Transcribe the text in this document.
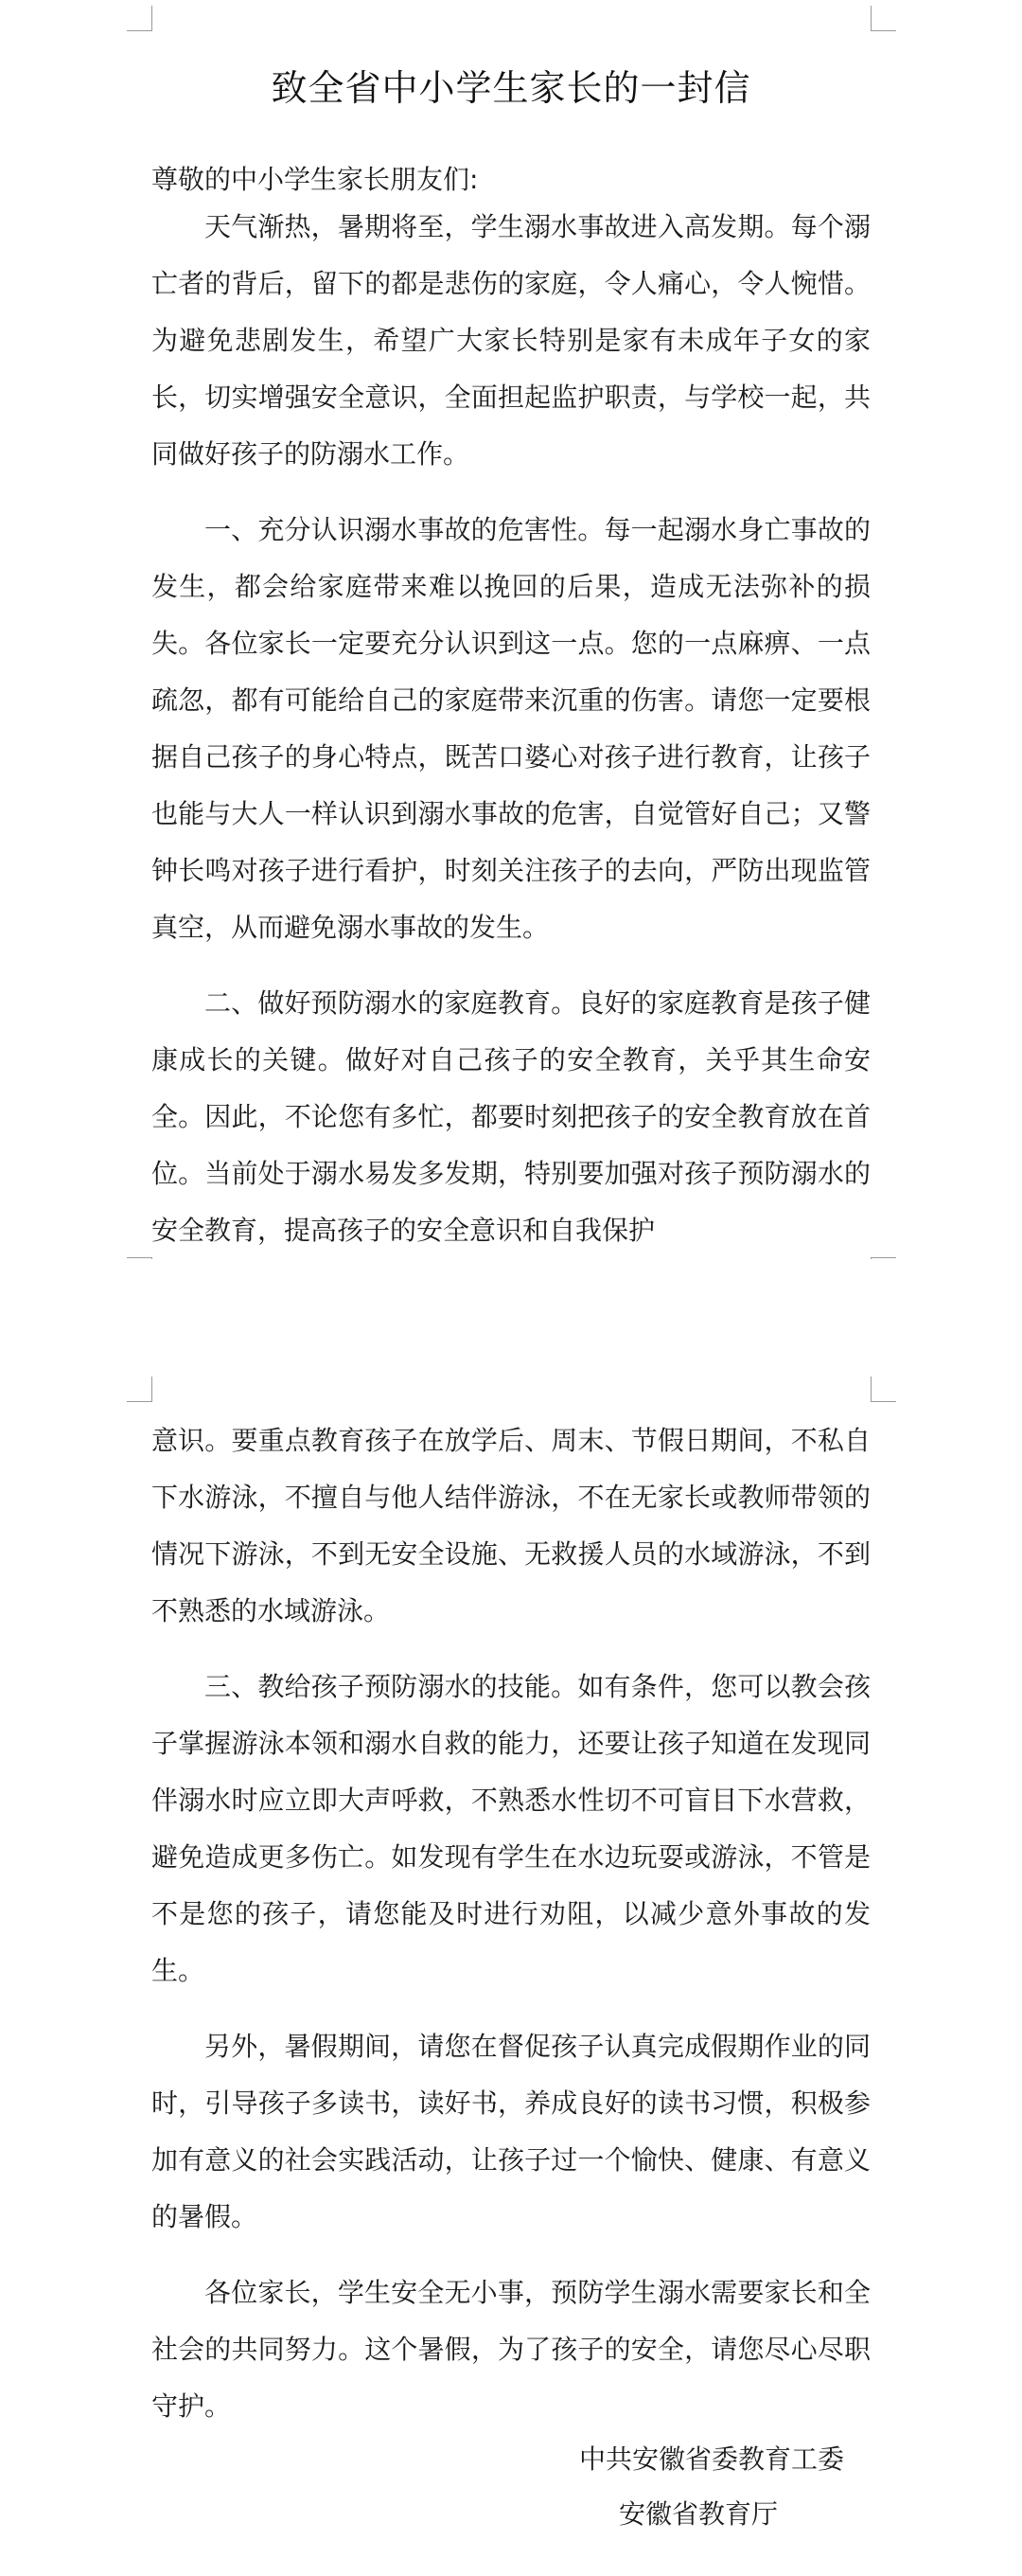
致全省中小学生家长的一封信
尊敬的中小学生家长朋友们:

天气渐热，暑期将至，学生溺水事故进入高发期。每个溺亡者的背后，留下的都是悲伤的家庭，令人痛心，令人惋惜。为避免悲剧发生，希望广大家长特别是家有未成年子女的家长，切实增强安全意识，全面担起监护职责，与学校一起，共同做好孩子的防溺水工作。

一、充分认识溺水事故的危害性。每一起溺水身亡事故的发生，都会给家庭带来难以挽回的后果，造成无法弥补的损失。各位家长一定要充分认识到这一点。您的一点麻痹、一点疏忽，都有可能给自己的家庭带来沉重的伤害。请您一定要根据自己孩子的身心特点，既苦口婆心对孩子进行教育，让孩子也能与大人一样认识到溺水事故的危害，自觉管好自己；又警钟长鸣对孩子进行看护，时刻关注孩子的去向，严防出现监管真空，从而避免溺水事故的发生。

二、做好预防溺水的家庭教育。良好的家庭教育是孩子健康成长的关键。做好对自己孩子的安全教育，关乎其生命安全。因此，不论您有多忙，都要时刻把孩子的安全教育放在首位。当前处于溺水易发多发期，特别要加强对孩子预防溺水的安全教育，提高孩子的安全意识和自我保护

意识。要重点教育孩子在放学后、周末、节假日期间，不私自下水游泳，不擅自与他人结伴游泳，不在无家长或教师带领的情况下游泳，不到无安全设施、无救援人员的水域游泳，不到不熟悉的水域游泳。

三、教给孩子预防溺水的技能。如有条件，您可以教会孩子掌握游泳本领和溺水自救的能力，还要让孩子知道在发现同伴溺水时应立即大声呼救，不熟悉水性切不可盲目下水营救，避免造成更多伤亡。如发现有学生在水边玩耍或游泳，不管是不是您的孩子，请您能及时进行劝阻，以减少意外事故的发生。

另外，暑假期间，请您在督促孩子认真完成假期作业的同时，引导孩子多读书，读好书，养成良好的读书习惯，积极参加有意义的社会实践活动，让孩子过一个愉快、健康、有意义的暑假。

各位家长，学生安全无小事，预防学生溺水需要家长和全社会的共同努力。这个暑假，为了孩子的安全，请您尽心尽职守护。

中共安徽省委教育工委
安徽省教育厅
